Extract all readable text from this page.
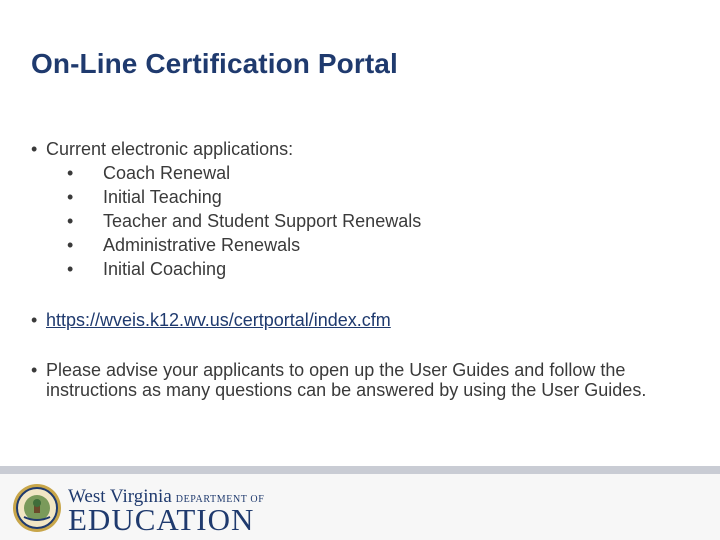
On-Line Certification Portal
• Current electronic applications:
• Coach Renewal
• Initial Teaching
• Teacher and Student Support Renewals
• Administrative Renewals
• Initial Coaching
• https://wveis.k12.wv.us/certportal/index.cfm
• Please advise your applicants to open up the User Guides and follow the instructions as many questions can be answered by using the User Guides.
West Virginia DEPARTMENT OF
EDUCATION
